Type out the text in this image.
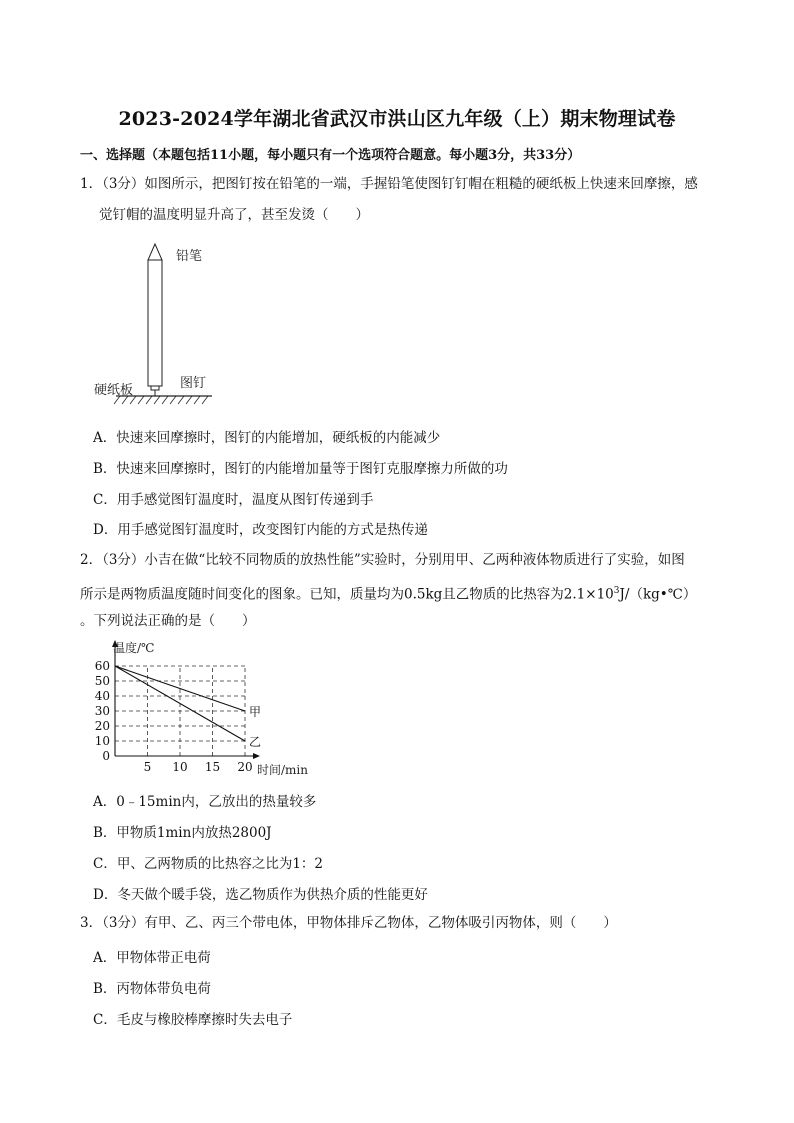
2023-2024学年湖北省武汉市洪山区九年级（上）期末物理试卷
一、选择题（本题包括11小题，每小题只有一个选项符合题意。每小题3分，共33分）
1．（3分）如图所示，把图钉按在铅笔的一端，手握铅笔使图钉钉帽在粗糙的硬纸板上快速来回摩擦，感
觉钉帽的温度明显升高了，甚至发烫（　　）
铅笔
硬纸板	图钉
A．快速来回摩擦时，图钉的内能增加，硬纸板的内能减少
B．快速来回摩擦时，图钉的内能增加量等于图钉克服摩擦力所做的功
C．用手感觉图钉温度时，温度从图钉传递到手
D．用手感觉图钉温度时，改变图钉内能的方式是热传递
2．（3分）小吉在做“比较不同物质的放热性能”实验时，分别用甲、乙两种液体物质进行了实验，如图
所示是两物质温度随时间变化的图象。已知，质量均为0.5kg且乙物质的比热容为$2.1\times 10^3J/(kg•℃)$
。下列说法正确的是（　　）
0
10
20
30
40
50
60
5 10 15 20
甲
乙
温度/℃
时间/min
A．0﹣15min内，乙放出的热量较多
B．甲物质1min内放热2800J
C．甲、乙两物质的比热容之比为1：2
D．冬天做个暖手袋，选乙物质作为供热介质的性能更好
3．（3分）有甲、乙、丙三个带电体，甲物体排斥乙物体，乙物体吸引丙物体，则（　　）
A．甲物体带正电荷
B．丙物体带负电荷
C．毛皮与橡胶棒摩擦时失去电子
